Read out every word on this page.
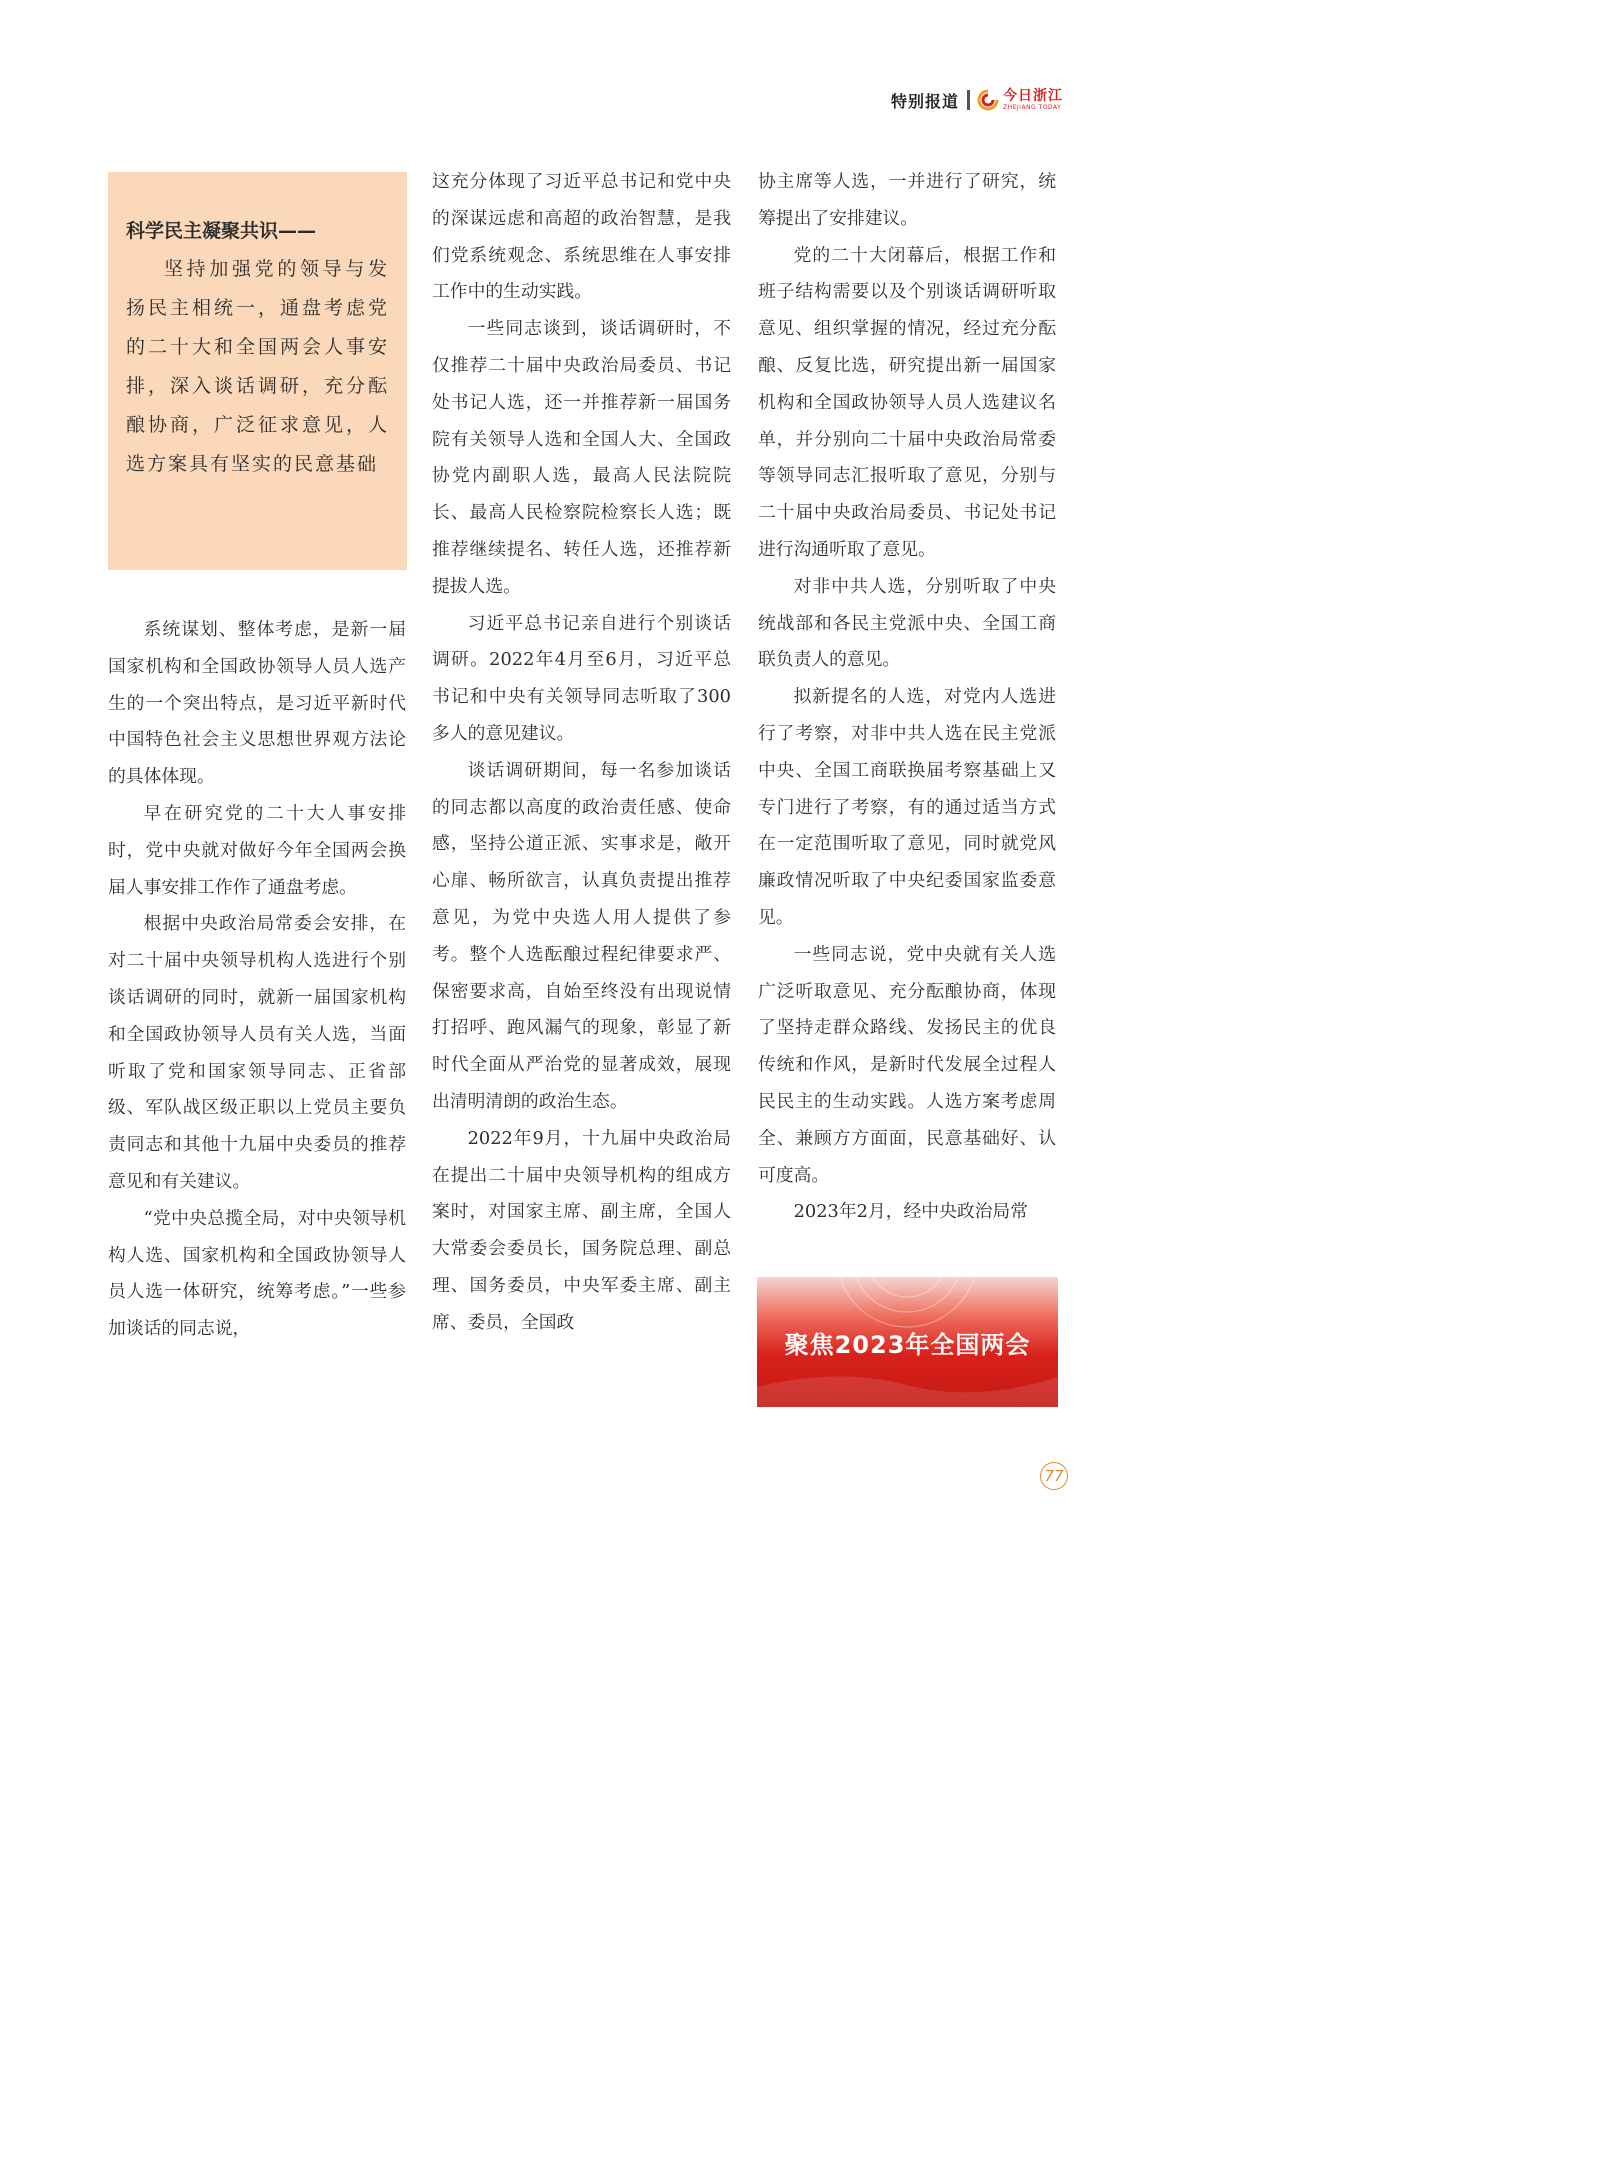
特别报道	今日浙江
ZHEJIANG TODAY

科学民主凝聚共识——

坚持加强党的领导与发扬民主相统一，通盘考虑党的二十大和全国两会人事安排，深入谈话调研，充分酝酿协商，广泛征求意见，人选方案具有坚实的民意基础

系统谋划、整体考虑，是新一届国家机构和全国政协领导人员人选产生的一个突出特点，是习近平新时代中国特色社会主义思想世界观方法论的具体体现。

早在研究党的二十大人事安排时，党中央就对做好今年全国两会换届人事安排工作作了通盘考虑。

根据中央政治局常委会安排，在对二十届中央领导机构人选进行个别谈话调研的同时，就新一届国家机构和全国政协领导人员有关人选，当面听取了党和国家领导同志、正省部级、军队战区级正职以上党员主要负责同志和其他十九届中央委员的推荐意见和有关建议。

“党中央总揽全局，对中央领导机构人选、国家机构和全国政协领导人员人选一体研究，统筹考虑。”一些参加谈话的同志说，

这充分体现了习近平总书记和党中央的深谋远虑和高超的政治智慧，是我们党系统观念、系统思维在人事安排工作中的生动实践。

一些同志谈到，谈话调研时，不仅推荐二十届中央政治局委员、书记处书记人选，还一并推荐新一届国务院有关领导人选和全国人大、全国政协党内副职人选，最高人民法院院长、最高人民检察院检察长人选；既推荐继续提名、转任人选，还推荐新提拔人选。

习近平总书记亲自进行个别谈话调研。2022年4月至6月，习近平总书记和中央有关领导同志听取了300多人的意见建议。

谈话调研期间，每一名参加谈话的同志都以高度的政治责任感、使命感，坚持公道正派、实事求是，敞开心扉、畅所欲言，认真负责提出推荐意见，为党中央选人用人提供了参考。整个人选酝酿过程纪律要求严、保密要求高，自始至终没有出现说情打招呼、跑风漏气的现象，彰显了新时代全面从严治党的显著成效，展现出清明清朗的政治生态。

2022年9月，十九届中央政治局在提出二十届中央领导机构的组成方案时，对国家主席、副主席，全国人大常委会委员长，国务院总理、副总理、国务委员，中央军委主席、副主席、委员，全国政

协主席等人选，一并进行了研究，统筹提出了安排建议。

党的二十大闭幕后，根据工作和班子结构需要以及个别谈话调研听取意见、组织掌握的情况，经过充分酝酿、反复比选，研究提出新一届国家机构和全国政协领导人员人选建议名单，并分别向二十届中央政治局常委等领导同志汇报听取了意见，分别与二十届中央政治局委员、书记处书记进行沟通听取了意见。

对非中共人选，分别听取了中央统战部和各民主党派中央、全国工商联负责人的意见。

拟新提名的人选，对党内人选进行了考察，对非中共人选在民主党派中央、全国工商联换届考察基础上又专门进行了考察，有的通过适当方式在一定范围听取了意见，同时就党风廉政情况听取了中央纪委国家监委意见。

一些同志说，党中央就有关人选广泛听取意见、充分酝酿协商，体现了坚持走群众路线、发扬民主的优良传统和作风，是新时代发展全过程人民民主的生动实践。人选方案考虑周全、兼顾方方面面，民意基础好、认可度高。

2023年2月，经中央政治局常

聚焦2023年全国两会
77
